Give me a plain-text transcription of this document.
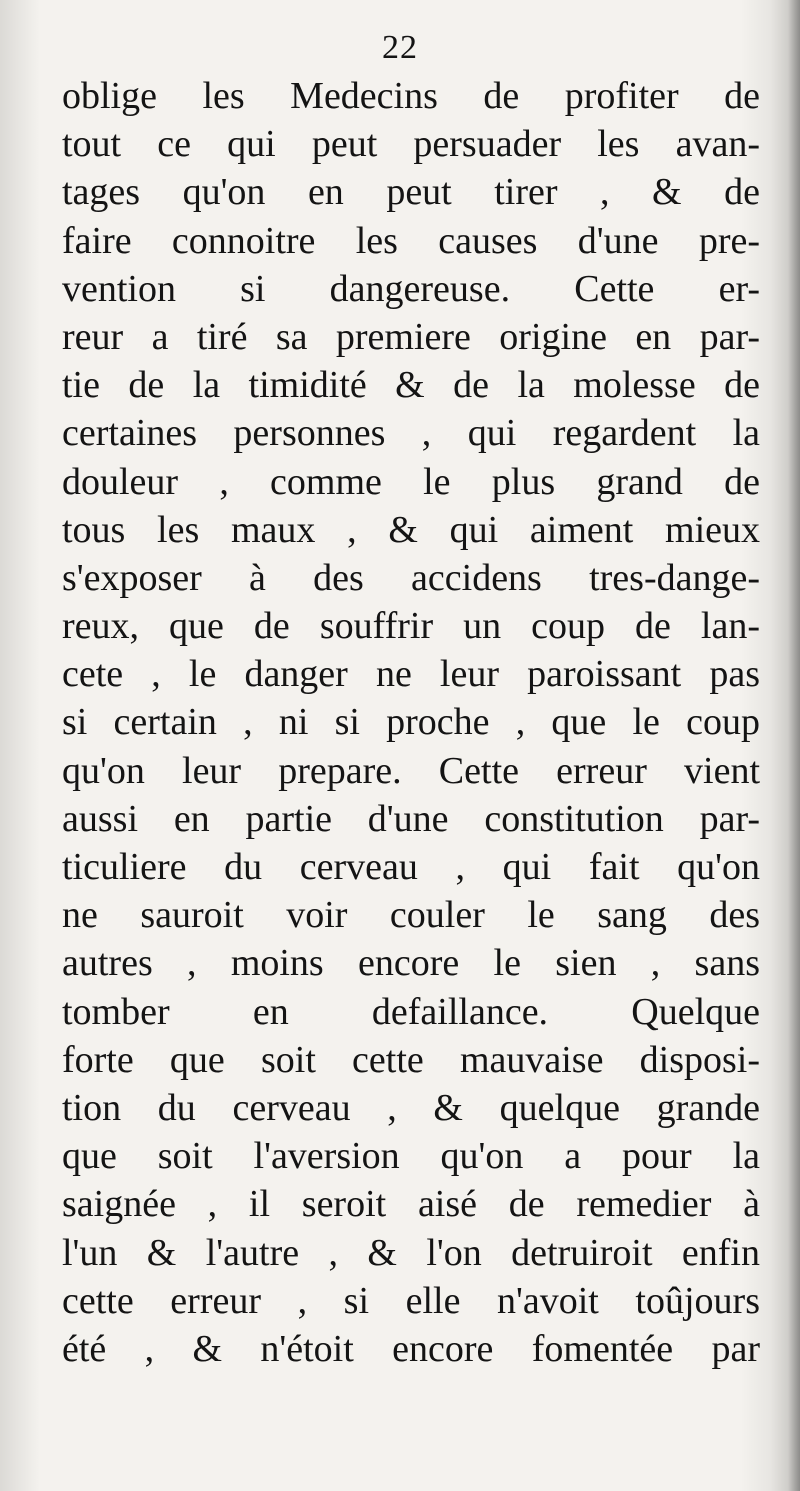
22
oblige les Medecins de profiter de
tout ce qui peut persuader les avan-
tages qu'on en peut tirer , & de
faire connoitre les causes d'une pre-
vention si dangereuse. Cette er-
reur a tiré sa premiere origine en par-
tie de la timidité & de la molesse de
certaines personnes , qui regardent la
douleur , comme le plus grand de
tous les maux , & qui aiment mieux
s'exposer à des accidens tres-dange-
reux, que de souffrir un coup de lan-
cete , le danger ne leur paroissant pas
si certain , ni si proche , que le coup
qu'on leur prepare. Cette erreur vient
aussi en partie d'une constitution par-
ticuliere du cerveau , qui fait qu'on
ne sauroit voir couler le sang des
autres , moins encore le sien , sans
tomber en defaillance. Quelque
forte que soit cette mauvaise disposi-
tion du cerveau , & quelque grande
que soit l'aversion qu'on a pour la
saignée , il seroit aisé de remedier à
l'un & l'autre , & l'on detruiroit enfin
cette erreur , si elle n'avoit toûjours
été , & n'étoit encore fomentée par
